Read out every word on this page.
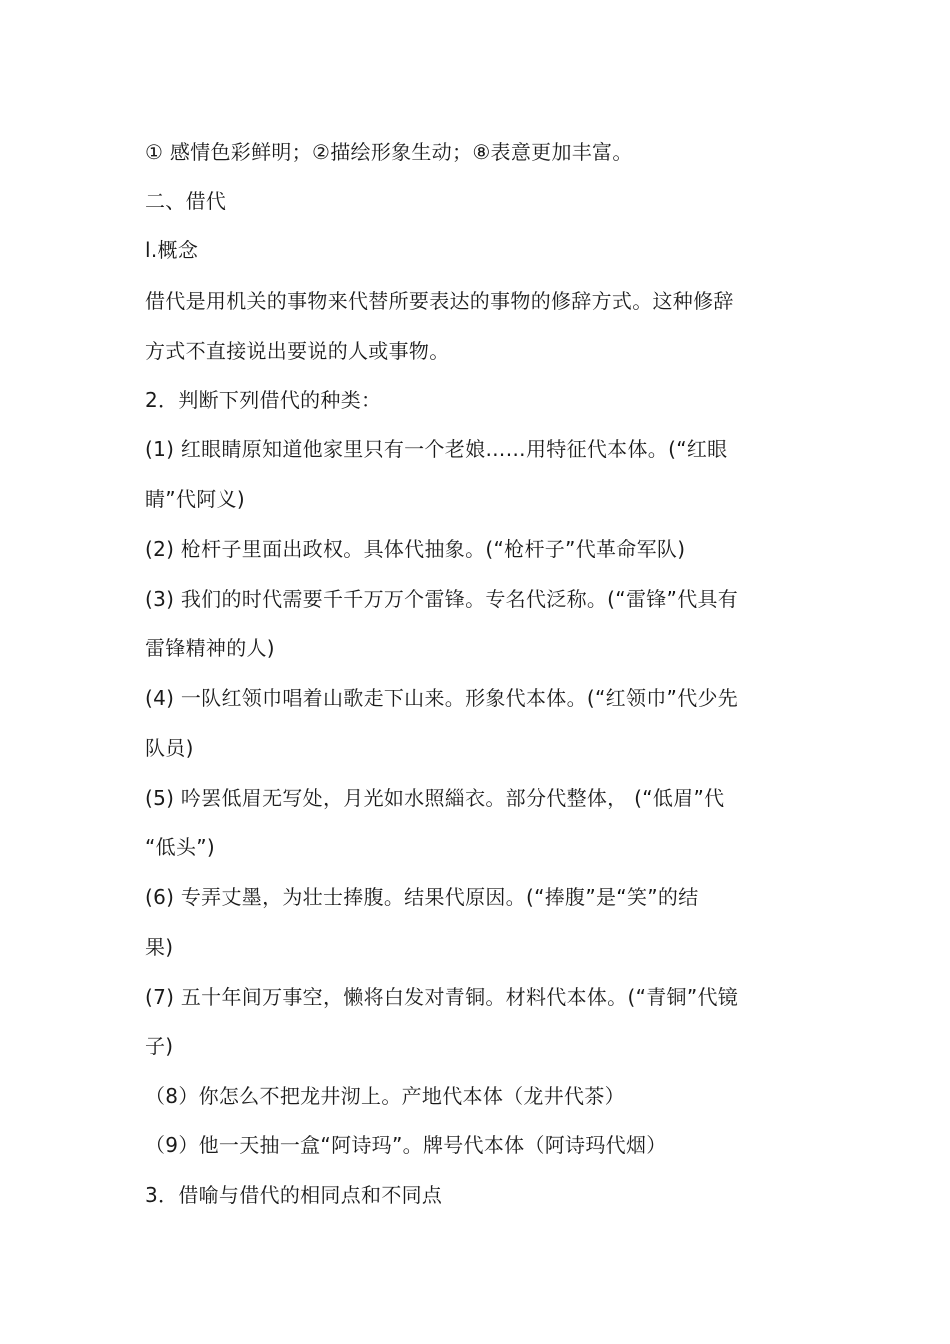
① 感情色彩鲜明；②描绘形象生动；⑧表意更加丰富。
二、借代
l.概念
借代是用机关的事物来代替所要表达的事物的修辞方式。这种修辞
方式不直接说出要说的人或事物。
2．判断下列借代的种类：
(1) 红眼睛原知道他家里只有一个老娘……用特征代本体。(“红眼
睛”代阿义)
(2) 枪杆子里面出政权。具体代抽象。(“枪杆子”代革命军队)
(3) 我们的时代需要千千万万个雷锋。专名代泛称。(“雷锋”代具有
雷锋精神的人)
(4) 一队红领巾唱着山歌走下山来。形象代本体。(“红领巾”代少先
队员)
(5) 吟罢低眉无写处，月光如水照緇衣。部分代整体， (“低眉”代
“低头”)
(6) 专弄丈墨，为壮士捧腹。结果代原因。(“捧腹”是“笑”的结
果)
(7) 五十年间万事空，懒将白发对青铜。材料代本体。(“青铜”代镜
子)
（8）你怎么不把龙井沏上。产地代本体（龙井代茶）
（9）他一天抽一盒“阿诗玛”。牌号代本体（阿诗玛代烟）
3．借喻与借代的相同点和不同点
